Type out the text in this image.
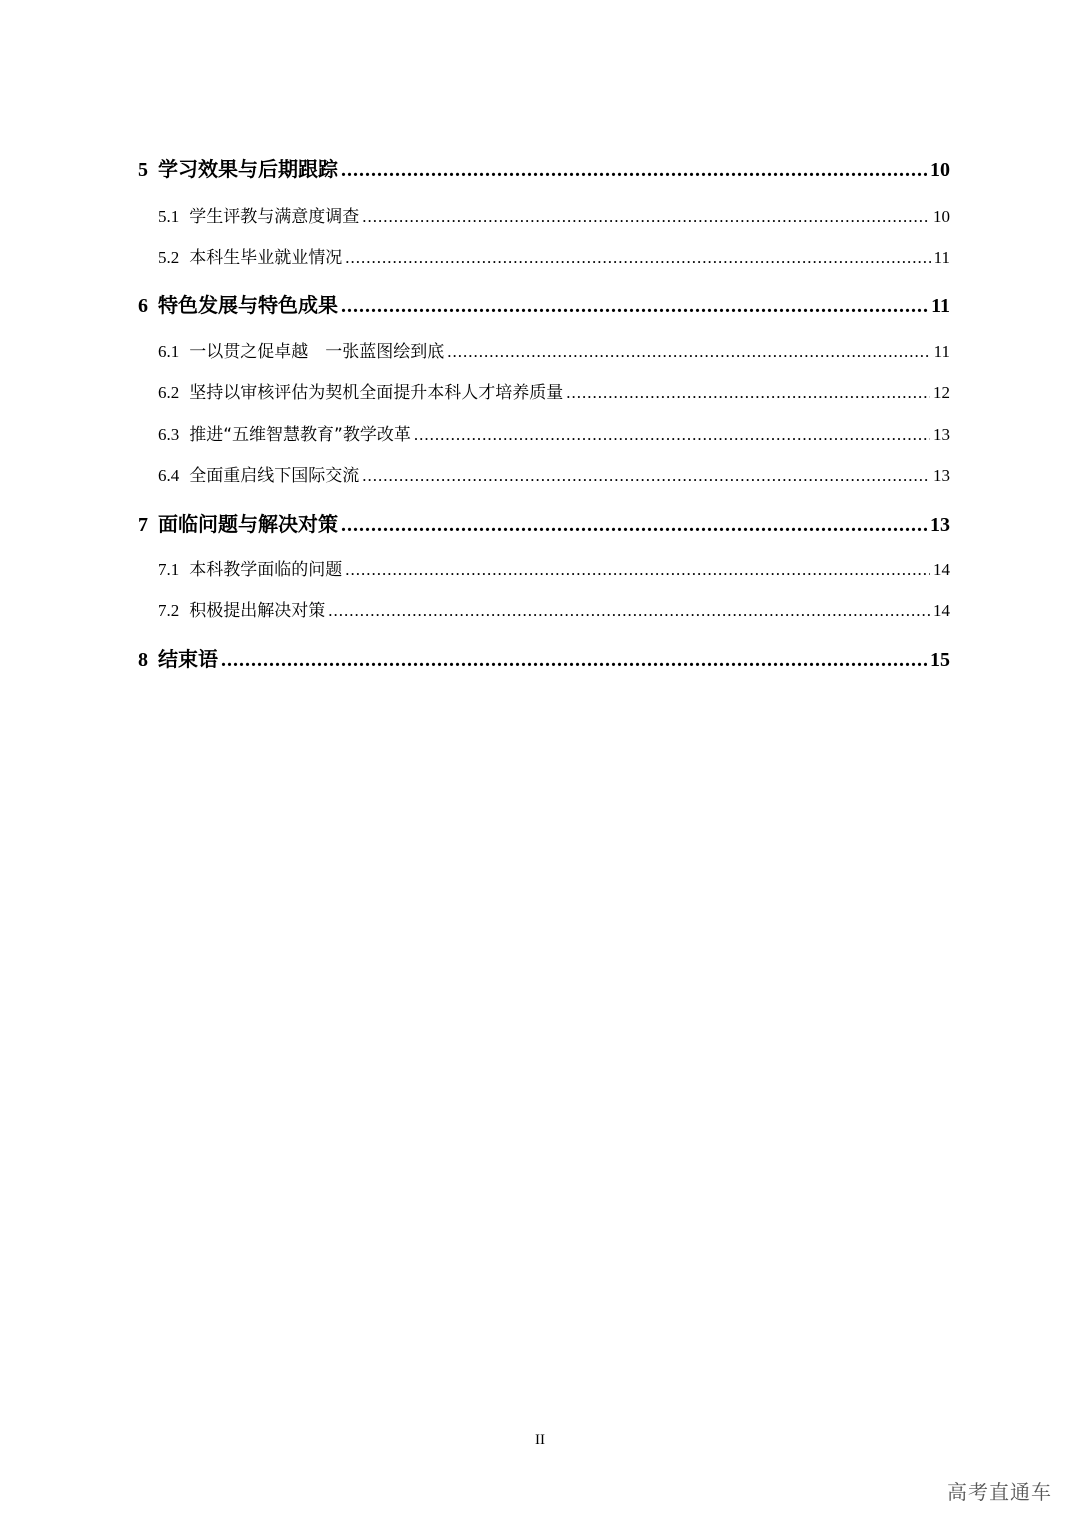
5 学习效果与后期跟踪 .....	10
5.1 学生评教与满意度调查 .....	10
5.2 本科生毕业就业情况 .....	11
6 特色发展与特色成果 .....	11
6.1 一以贯之促卓越　一张蓝图绘到底 .....	11
6.2 坚持以审核评估为契机全面提升本科人才培养质量 .....	12
6.3 推进“五维智慧教育”教学改革 .....	13
6.4 全面重启线下国际交流 .....	13
7 面临问题与解决对策 .....	13
7.1 本科教学面临的问题 .....	14
7.2 积极提出解决对策 .....	14
8 结束语 .....	15
II
高考直通车
